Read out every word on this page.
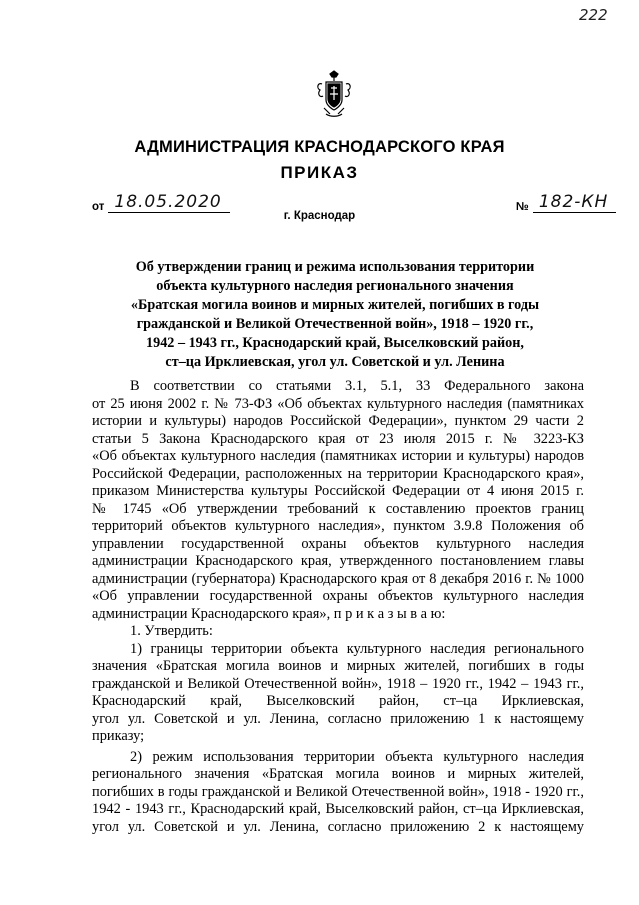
222
АДМИНИСТРАЦИЯ КРАСНОДАРСКОГО КРАЯ
ПРИКАЗ
от 18.05.2020	№ 182-КН
г. Краснодар
Об утверждении границ и режима использования территории
объекта культурного наследия регионального значения
«Братская могила воинов и мирных жителей, погибших в годы
гражданской и Великой Отечественной войн», 1918 – 1920 гг.,
1942 – 1943 гг., Краснодарский край, Выселковский район,
ст–ца Ирклиевская, угол ул. Советской и ул. Ленина
В соответствии со статьями 3.1, 5.1, 33 Федерального закона
от 25 июня 2002 г. № 73-ФЗ «Об объектах культурного наследия (памятниках
истории и культуры) народов Российской Федерации», пунктом 29 части 2
статьи 5 Закона Краснодарского края от 23 июля 2015 г. № 3223-КЗ
«Об объектах культурного наследия (памятниках истории и культуры) народов
Российской Федерации, расположенных на территории Краснодарского края»,
приказом Министерства культуры Российской Федерации от 4 июня 2015 г.
№ 1745 «Об утверждении требований к составлению проектов границ
территорий объектов культурного наследия», пунктом 3.9.8 Положения об
управлении государственной охраны объектов культурного наследия
администрации Краснодарского края, утвержденного постановлением главы
администрации (губернатора) Краснодарского края от 8 декабря 2016 г. № 1000
«Об управлении государственной охраны объектов культурного наследия
администрации Краснодарского края», п р и к а з ы в а ю:
1. Утвердить:
1) границы территории объекта культурного наследия регионального
значения «Братская могила воинов и мирных жителей, погибших в годы
гражданской и Великой Отечественной войн», 1918 – 1920 гг., 1942 – 1943 гг.,
Краснодарский край, Выселковский район, ст–ца Ирклиевская,
угол ул. Советской и ул. Ленина, согласно приложению 1 к настоящему
приказу;
2) режим использования территории объекта культурного наследия
регионального значения «Братская могила воинов и мирных жителей,
погибших в годы гражданской и Великой Отечественной войн», 1918 - 1920 гг.,
1942 - 1943 гг., Краснодарский край, Выселковский район, ст–ца Ирклиевская,
угол ул. Советской и ул. Ленина, согласно приложению 2 к настоящему
